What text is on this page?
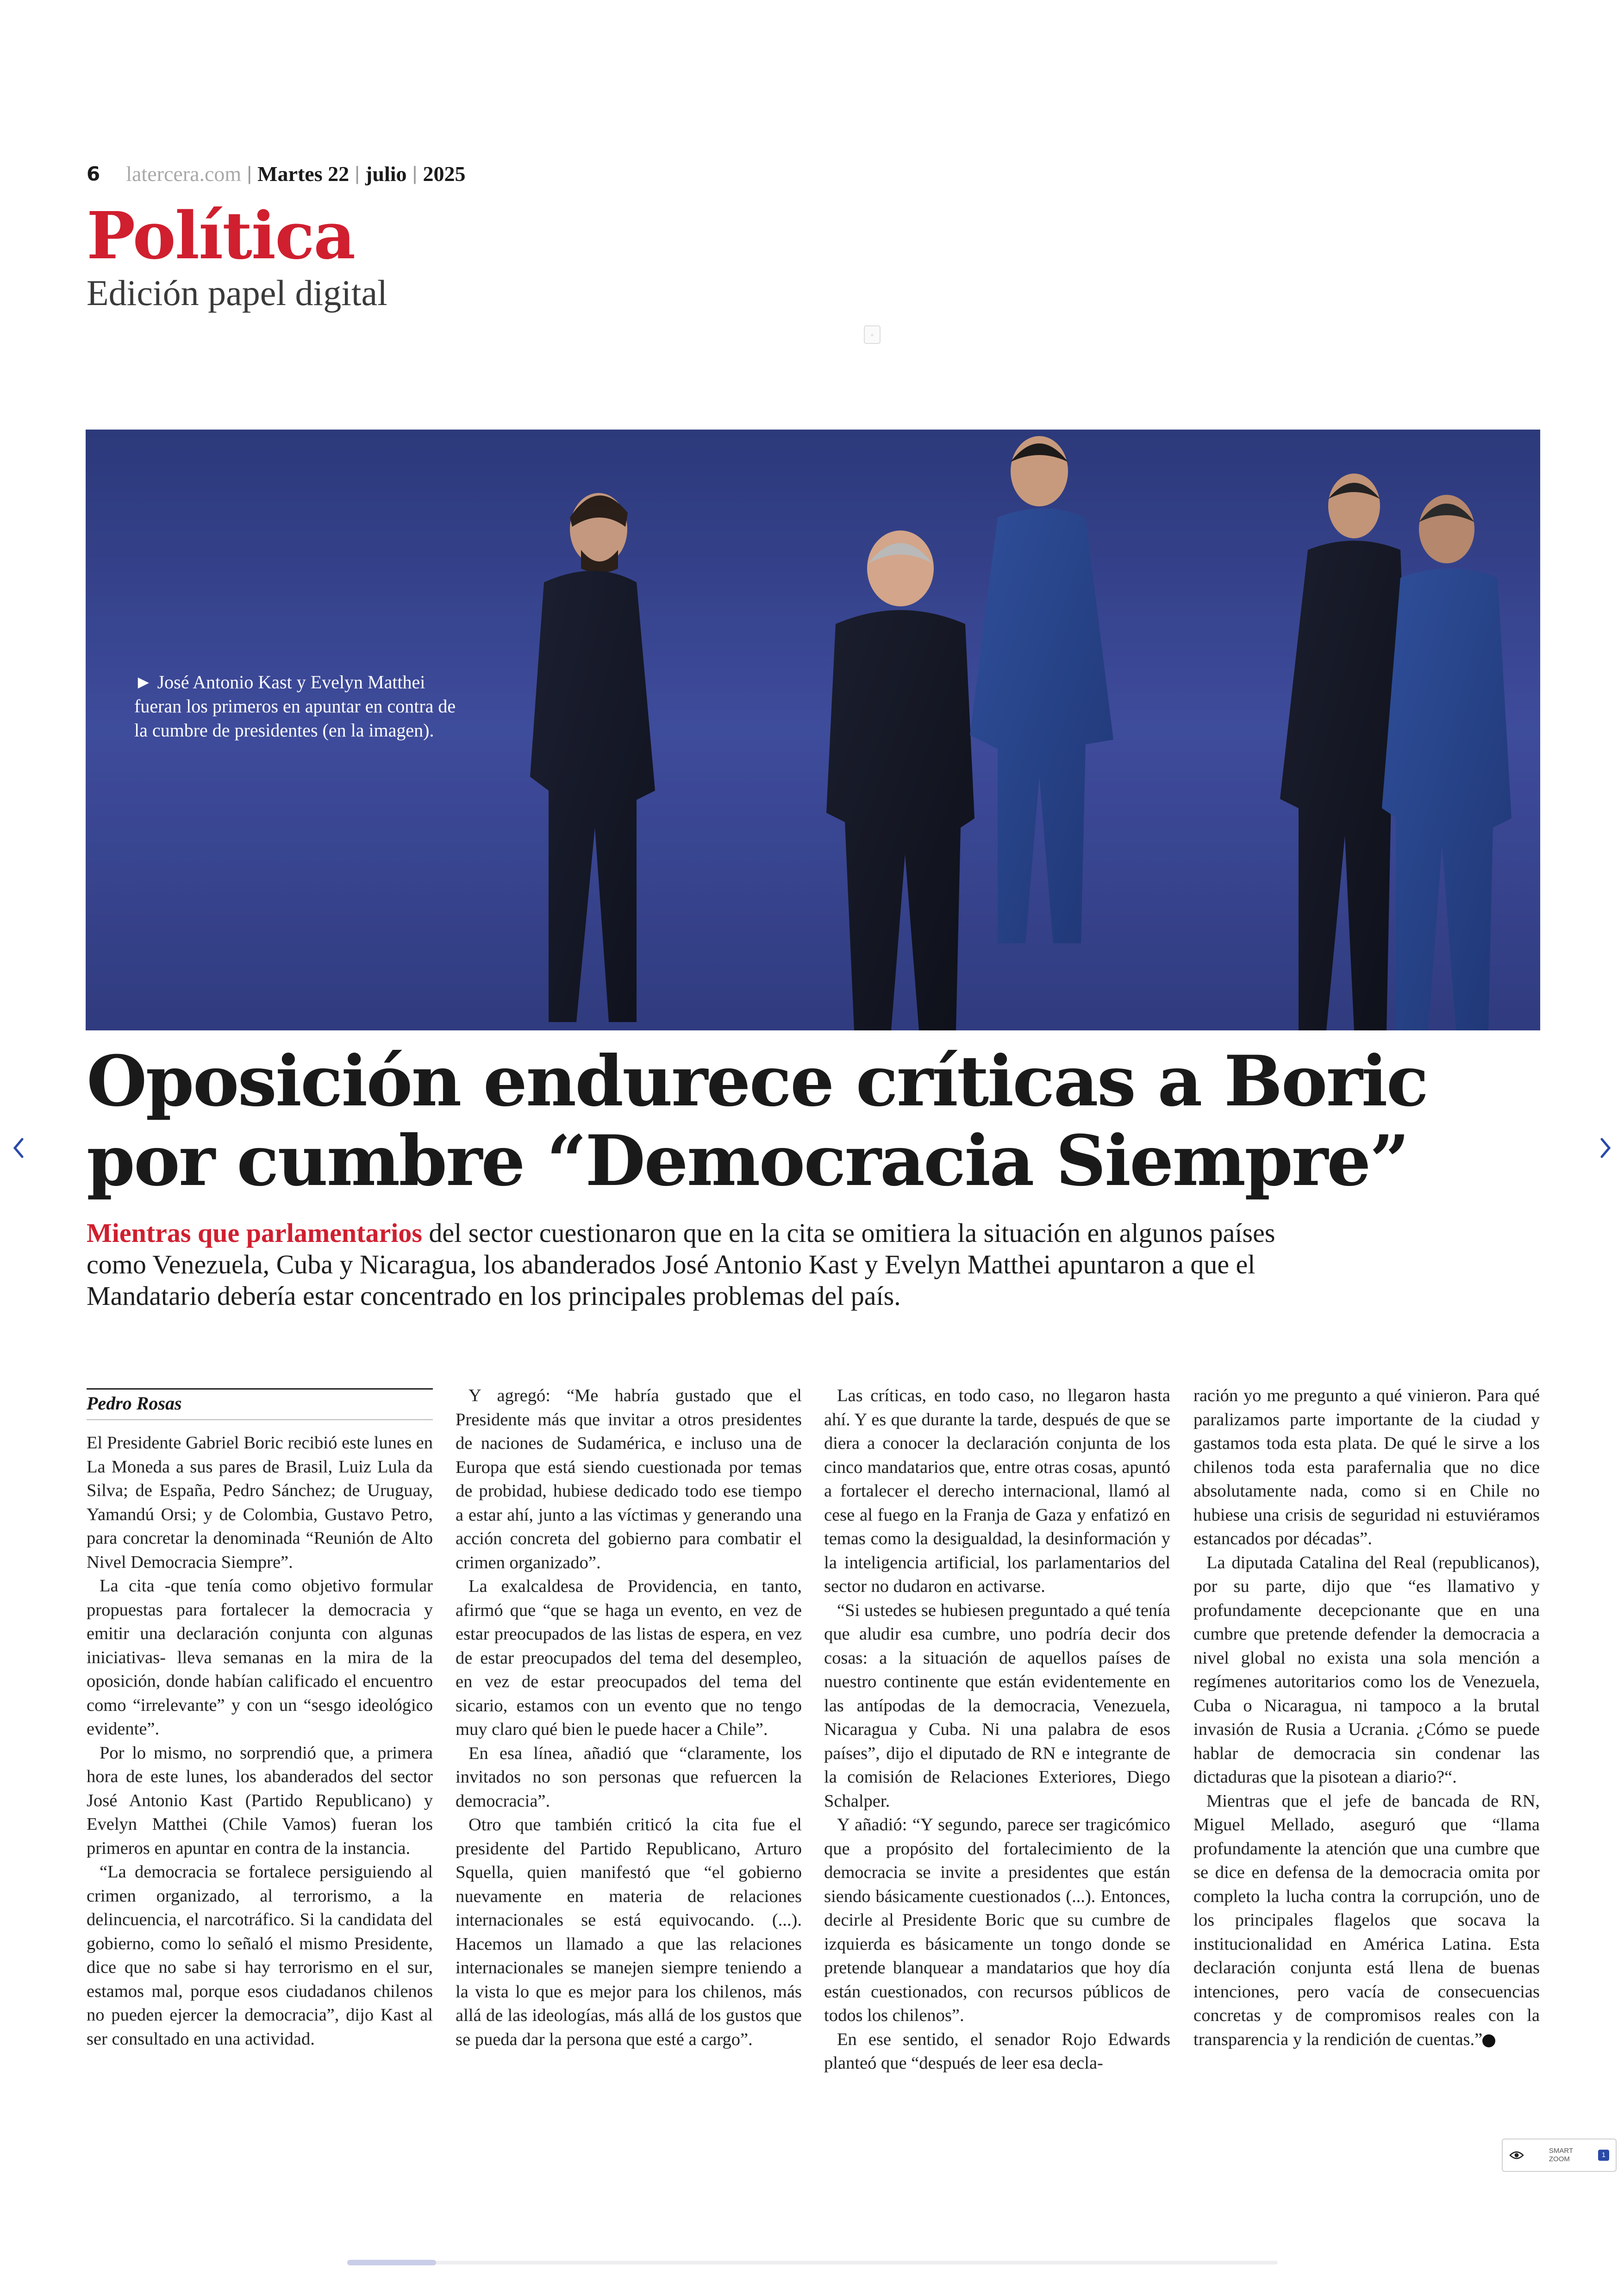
6 latercera.com | Martes 22 | julio | 2025
Política
Edición papel digital
▫
► José Antonio Kast y Evelyn Matthei fueran los primeros en apuntar en contra de la cumbre de presidentes (en la imagen).
Oposición endurece críticas a Boric
por cumbre “Democracia Siempre”
Mientras que parlamentarios del sector cuestionaron que en la cita se omitiera la situación en algunos países como Venezuela, Cuba y Nicaragua, los abanderados José Antonio Kast y Evelyn Matthei apuntaron a que el Mandatario debería estar concentrado en los principales problemas del país.
Pedro Rosas

El Presidente Gabriel Boric recibió este lunes en La Moneda a sus pares de Brasil, Luiz Lula da Silva; de España, Pedro Sánchez; de Uruguay, Yamandú Orsi; y de Colombia, Gustavo Petro, para concretar la denominada “Reunión de Alto Nivel Democracia Siempre”.

La cita -que tenía como objetivo formular propuestas para fortalecer la democracia y emitir una declaración conjunta con algunas iniciativas- lleva semanas en la mira de la oposición, donde habían calificado el encuentro como “irrelevante” y con un “sesgo ideológico evidente”.

Por lo mismo, no sorprendió que, a primera hora de este lunes, los abanderados del sector José Antonio Kast (Partido Republicano) y Evelyn Matthei (Chile Vamos) fueran los primeros en apuntar en contra de la instancia.

“La democracia se fortalece persiguiendo al crimen organizado, al terrorismo, a la delincuencia, el narcotráfico. Si la candidata del gobierno, como lo señaló el mismo Presidente, dice que no sabe si hay terrorismo en el sur, estamos mal, porque esos ciudadanos chilenos no pueden ejercer la democracia”, dijo Kast al ser consultado en una actividad.

Y agregó: “Me habría gustado que el Presidente más que invitar a otros presidentes de naciones de Sudamérica, e incluso una de Europa que está siendo cuestionada por temas de probidad, hubiese dedicado todo ese tiempo a estar ahí, junto a las víctimas y generando una acción concreta del gobierno para combatir el crimen organizado”.

La exalcaldesa de Providencia, en tanto, afirmó que “que se haga un evento, en vez de estar preocupados de las listas de espera, en vez de estar preocupados del tema del desempleo, en vez de estar preocupados del tema del sicario, estamos con un evento que no tengo muy claro qué bien le puede hacer a Chile”.

En esa línea, añadió que “claramente, los invitados no son personas que refuercen la democracia”.

Otro que también criticó la cita fue el presidente del Partido Republicano, Arturo Squella, quien manifestó que “el gobierno nuevamente en materia de relaciones internacionales se está equivocando. (...). Hacemos un llamado a que las relaciones internacionales se manejen siempre teniendo a la vista lo que es mejor para los chilenos, más allá de las ideologías, más allá de los gustos que se pueda dar la persona que esté a cargo”.

Las críticas, en todo caso, no llegaron hasta ahí. Y es que durante la tarde, después de que se diera a conocer la declaración conjunta de los cinco mandatarios que, entre otras cosas, apuntó a fortalecer el derecho internacional, llamó al cese al fuego en la Franja de Gaza y enfatizó en temas como la desigualdad, la desinformación y la inteligencia artificial, los parlamentarios del sector no dudaron en activarse.

“Si ustedes se hubiesen preguntado a qué tenía que aludir esa cumbre, uno podría decir dos cosas: a la situación de aquellos países de nuestro continente que están evidentemente en las antípodas de la democracia, Venezuela, Nicaragua y Cuba. Ni una palabra de esos países”, dijo el diputado de RN e integrante de la comisión de Relaciones Exteriores, Diego Schalper.

Y añadió: “Y segundo, parece ser tragicómico que a propósito del fortalecimiento de la democracia se invite a presidentes que están siendo básicamente cuestionados (...). Entonces, decirle al Presidente Boric que su cumbre de izquierda es básicamente un tongo donde se pretende blanquear a mandatarios que hoy día están cuestionados, con recursos públicos de todos los chilenos”.

En ese sentido, el senador Rojo Edwards planteó que “después de leer esa decla-

ración yo me pregunto a qué vinieron. Para qué paralizamos parte importante de la ciudad y gastamos toda esta plata. De qué le sirve a los chilenos toda esta parafernalia que no dice absolutamente nada, como si en Chile no hubiese una crisis de seguridad ni estuviéramos estancados por décadas”.

La diputada Catalina del Real (republicanos), por su parte, dijo que “es llamativo y profundamente decepcionante que en una cumbre que pretende defender la democracia a nivel global no exista una sola mención a regímenes autoritarios como los de Venezuela, Cuba o Nicaragua, ni tampoco a la brutal invasión de Rusia a Ucrania. ¿Cómo se puede hablar de democracia sin condenar las dictaduras que la pisotean a diario?“.

Mientras que el jefe de bancada de RN, Miguel Mellado, aseguró que “llama profundamente la atención que una cumbre que se dice en defensa de la democracia omita por completo la lucha contra la corrupción, uno de los principales flagelos que socava la institucionalidad en América Latina. Esta declaración conjunta está llena de buenas intenciones, pero vacía de consecuencias concretas y de compromisos reales con la transparencia y la rendición de cuentas.”

SMART
ZOOM
1
